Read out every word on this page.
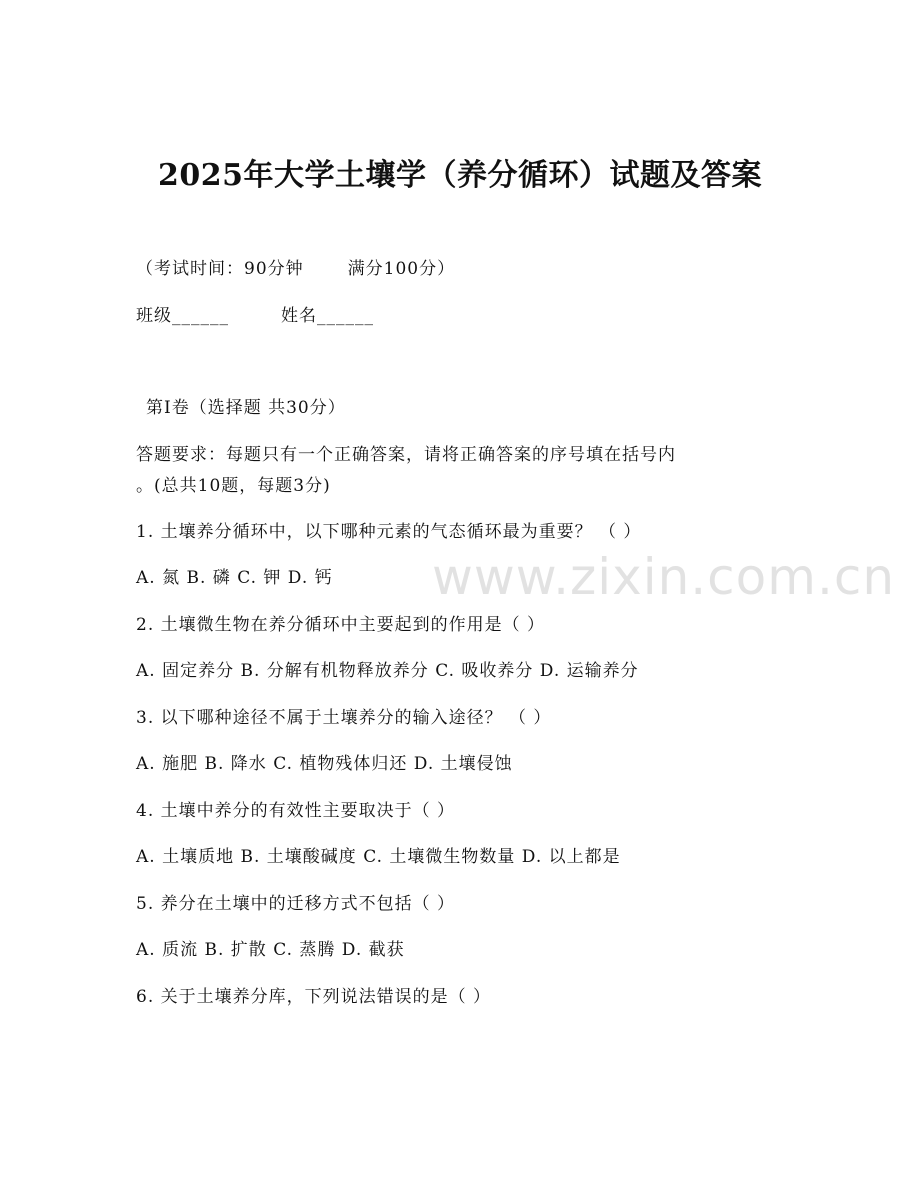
2025年大学土壤学（养分循环）试题及答案

（考试时间：90分钟	满分100分）

班级______	姓名______

第I卷（选择题 共30分）

答题要求：每题只有一个正确答案，请将正确答案的序号填在括号内

。(总共10题，每题3分)

1. 土壤养分循环中，以下哪种元素的气态循环最为重要？ （ ）

A. 氮 B. 磷 C. 钾 D. 钙

2. 土壤微生物在养分循环中主要起到的作用是（ ）

A. 固定养分 B. 分解有机物释放养分 C. 吸收养分 D. 运输养分

3. 以下哪种途径不属于土壤养分的输入途径？ （ ）

A. 施肥 B. 降水 C. 植物残体归还 D. 土壤侵蚀

4. 土壤中养分的有效性主要取决于（ ）

A. 土壤质地 B. 土壤酸碱度 C. 土壤微生物数量 D. 以上都是

5. 养分在土壤中的迁移方式不包括（ ）

A. 质流 B. 扩散 C. 蒸腾 D. 截获

6. 关于土壤养分库，下列说法错误的是（ ）

www.zixin.com.cn
